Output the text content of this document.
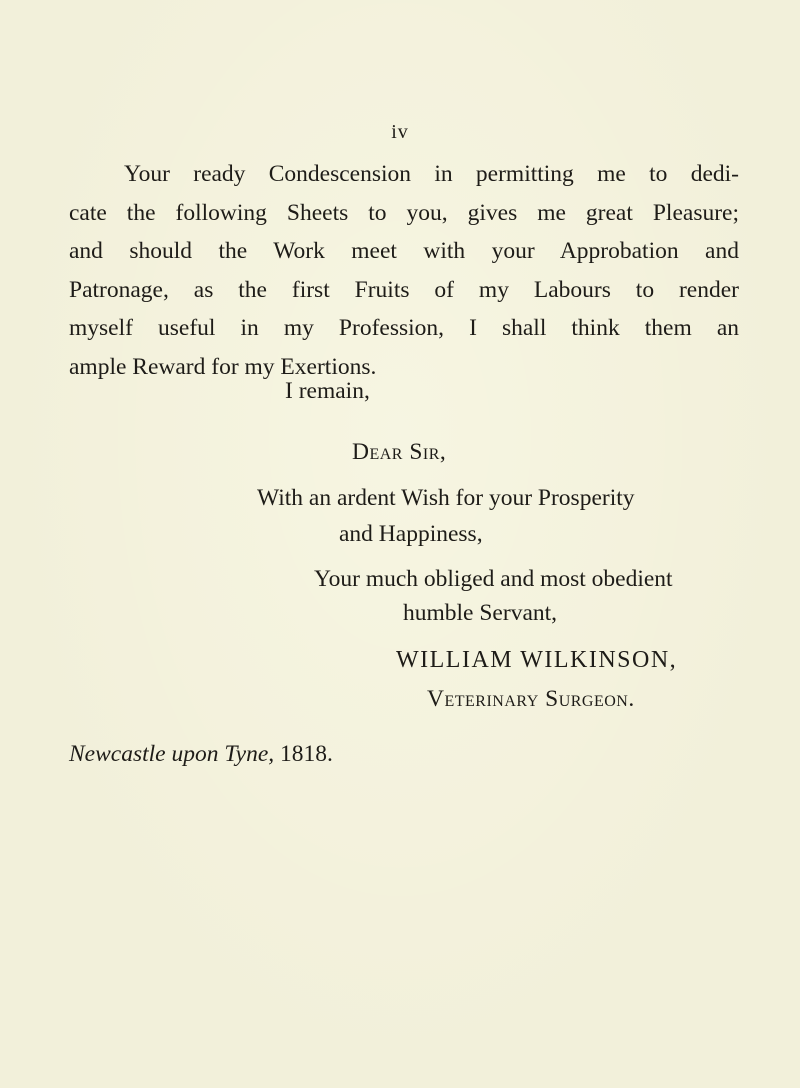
iv
Your ready Condescension in permitting me to dedi-
cate the following Sheets to you, gives me great Pleasure;
and should the Work meet with your Approbation and
Patronage, as the first Fruits of my Labours to render
myself useful in my Profession, I shall think them an
ample Reward for my Exertions.
I remain,
Dear Sir,
With an ardent Wish for your Prosperity
and Happiness,
Your much obliged and most obedient
humble Servant,
WILLIAM WILKINSON,
Veterinary Surgeon.
Newcastle upon Tyne, 1818.
